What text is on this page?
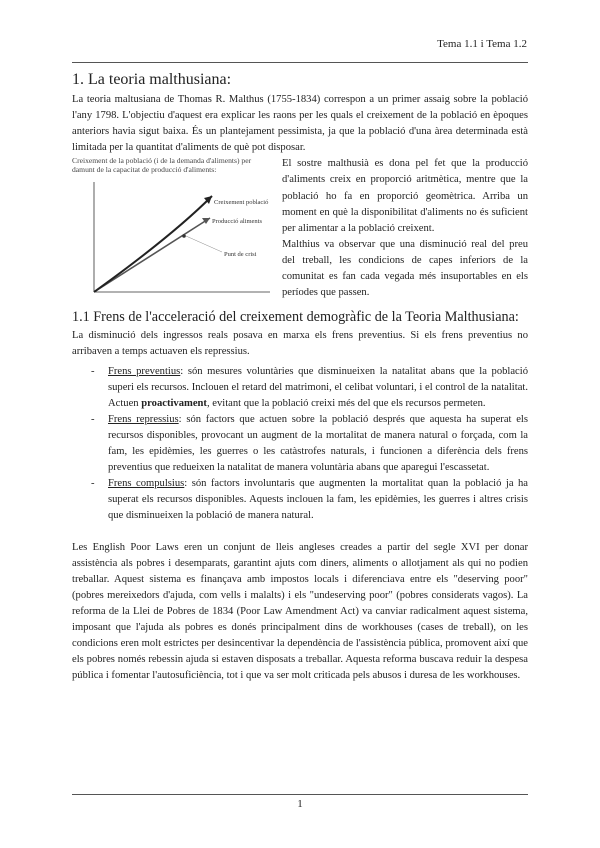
Tema 1.1 i Tema 1.2
1. La teoria malthusiana:

La teoria maltusiana de Thomas R. Malthus (1755-1834) correspon a un primer assaig sobre la població l'any 1798. L'objectiu d'aquest era explicar les raons per les quals el creixement de la població en èpoques anteriors havia sigut baixa. És un plantejament pessimista, ja que la població d'una àrea determinada està limitada per la quantitat d'aliments de què pot disposar.

Creixement de la població (i de la demanda d'aliments) per damunt de la capacitat de producció d'aliments:
Creixement població
Producció aliments
Punt de crisi

El sostre malthusià es dona pel fet que la producció d'aliments creix en proporció aritmètica, mentre que la població ho fa en proporció geomètrica. Arriba un moment en què la disponibilitat d'aliments no és suficient per alimentar a la població creixent.

Malthius va observar que una disminució real del preu del treball, les condicions de capes inferiors de la comunitat es fan cada vegada més insuportables en els períodes que passen.

1.1 Frens de l'acceleració del creixement demogràfic de la Teoria Malthusiana:

La disminució dels ingressos reals posava en marxa els frens preventius. Si els frens preventius no arribaven a temps actuaven els repressius.

- Frens preventius: són mesures voluntàries que disminueixen la natalitat abans que la població superi els recursos. Inclouen el retard del matrimoni, el celibat voluntari, i el control de la natalitat. Actuen proactivament, evitant que la població creixi més del que els recursos permeten.
- Frens repressius: són factors que actuen sobre la població després que aquesta ha superat els recursos disponibles, provocant un augment de la mortalitat de manera natural o forçada, com la fam, les epidèmies, les guerres o les catàstrofes naturals, i funcionen a diferència dels frens preventius que redueixen la natalitat de manera voluntària abans que aparegui l'escassetat.
- Frens compulsius: són factors involuntaris que augmenten la mortalitat quan la població ja ha superat els recursos disponibles. Aquests inclouen la fam, les epidèmies, les guerres i altres crisis que disminueixen la població de manera natural.

Les English Poor Laws eren un conjunt de lleis angleses creades a partir del segle XVI per donar assistència als pobres i desemparats, garantint ajuts com diners, aliments o allotjament als qui no podien treballar. Aquest sistema es finançava amb impostos locals i diferenciava entre els "deserving poor" (pobres mereixedors d'ajuda, com vells i malalts) i els "undeserving poor" (pobres considerats vagos). La reforma de la Llei de Pobres de 1834 (Poor Law Amendment Act) va canviar radicalment aquest sistema, imposant que l'ajuda als pobres es donés principalment dins de workhouses (cases de treball), on les condicions eren molt estrictes per desincentivar la dependència de l'assistència pública, promovent així que els pobres només rebessin ajuda si estaven disposats a treballar. Aquesta reforma buscava reduir la despesa pública i fomentar l'autosuficiència, tot i que va ser molt criticada pels abusos i duresa de les workhouses.

1
